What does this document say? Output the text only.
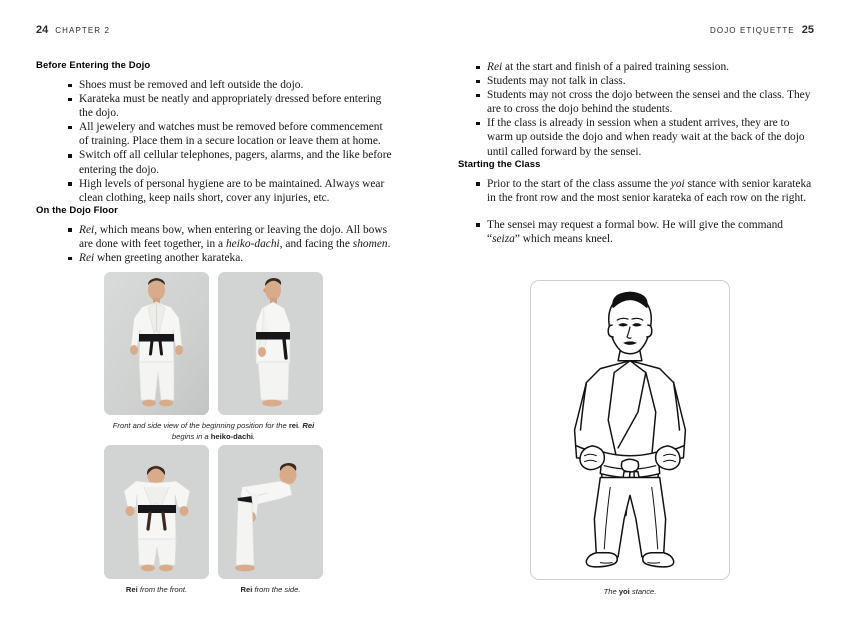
24 CHAPTER 2	DOJO ETIQUETTE 25
Before Entering the Dojo
Shoes must be removed and left outside the dojo.
Karateka must be neatly and appropriately dressed before entering the dojo.
All jewelery and watches must be removed before commencement of training. Place them in a secure location or leave them at home.
Switch off all cellular telephones, pagers, alarms, and the like before entering the dojo.
High levels of personal hygiene are to be maintained. Always wear clean clothing, keep nails short, cover any injuries, etc.
On the Dojo Floor
Rei, which means bow, when entering or leaving the dojo. All bows are done with feet together, in a heiko-dachi, and facing the shomen.
Rei when greeting another karateka.
Rei at the start and finish of a paired training session.
Students may not talk in class.
Students may not cross the dojo between the sensei and the class. They are to cross the dojo behind the students.
If the class is already in session when a student arrives, they are to warm up outside the dojo and when ready wait at the back of the dojo until called forward by the sensei.
Starting the Class
Prior to the start of the class assume the yoi stance with senior karateka in the front row and the most senior karateka of each row on the right.
The sensei may request a formal bow. He will give the command “seiza” which means kneel.
Front and side view of the beginning position for the rei. Rei begins in a heiko-dachi.
Rei from the front.	Rei from the side.	The yoi stance.
